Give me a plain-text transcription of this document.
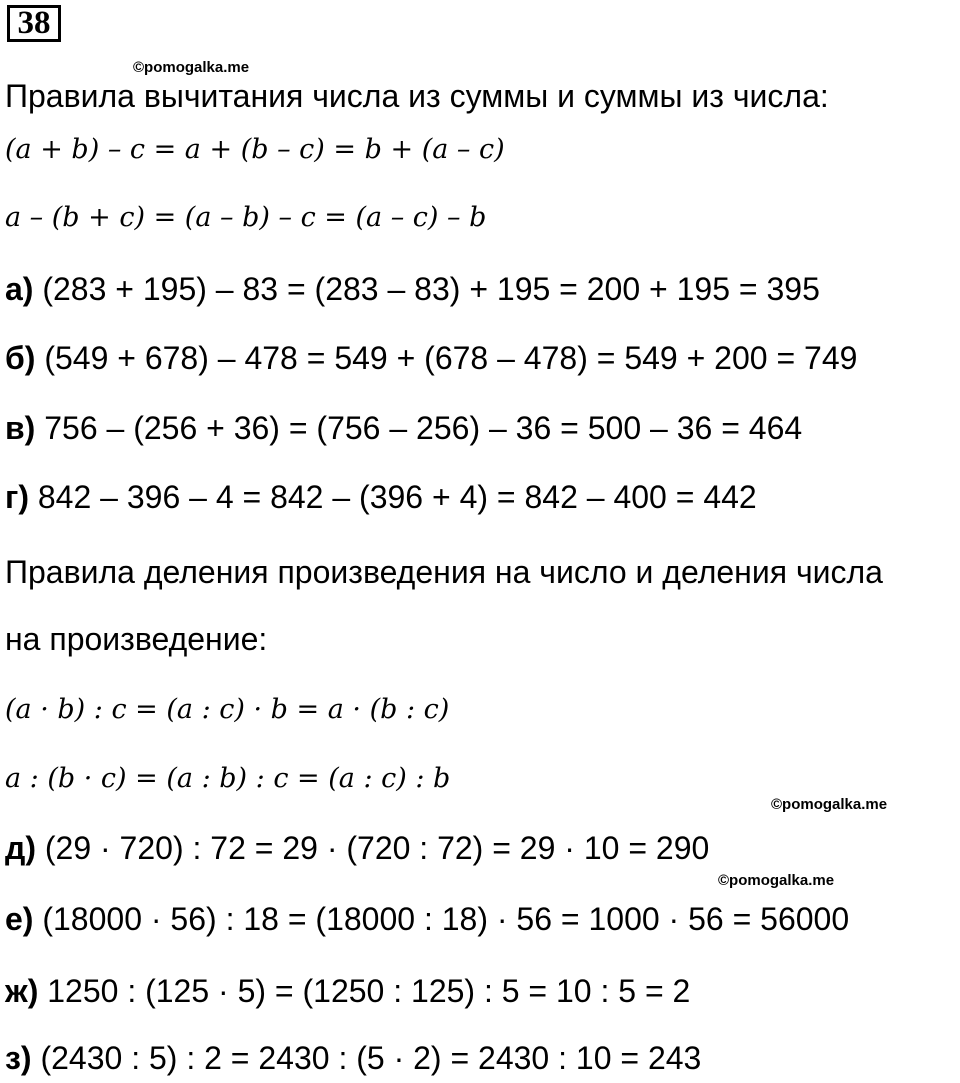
38
©pomogalka.me
Правила вычитания числа из суммы и суммы из числа:
(a + b) – c = a + (b – c) = b + (a – c)
a – (b + c) = (a – b) – c = (a – c) – b
а) (283 + 195) – 83 = (283 – 83) + 195 = 200 + 195 = 395
б) (549 + 678) – 478 = 549 + (678 – 478) = 549 + 200 = 749
в) 756 – (256 + 36) = (756 – 256) – 36 = 500 – 36 = 464
г) 842 – 396 – 4 = 842 – (396 + 4) = 842 – 400 = 442
Правила деления произведения на число и деления числа
на произведение:
(a · b) : c = (a : c) · b = a · (b : c)
a : (b · c) = (a : b) : c = (a : c) : b
©pomogalka.me
д) (29 · 720) : 72 = 29 · (720 : 72) = 29 · 10 = 290
©pomogalka.me
е) (18000 · 56) : 18 = (18000 : 18) · 56 = 1000 · 56 = 56000
ж) 1250 : (125 · 5) = (1250 : 125) : 5 = 10 : 5 = 2
з) (2430 : 5) : 2 = 2430 : (5 · 2) = 2430 : 10 = 243
